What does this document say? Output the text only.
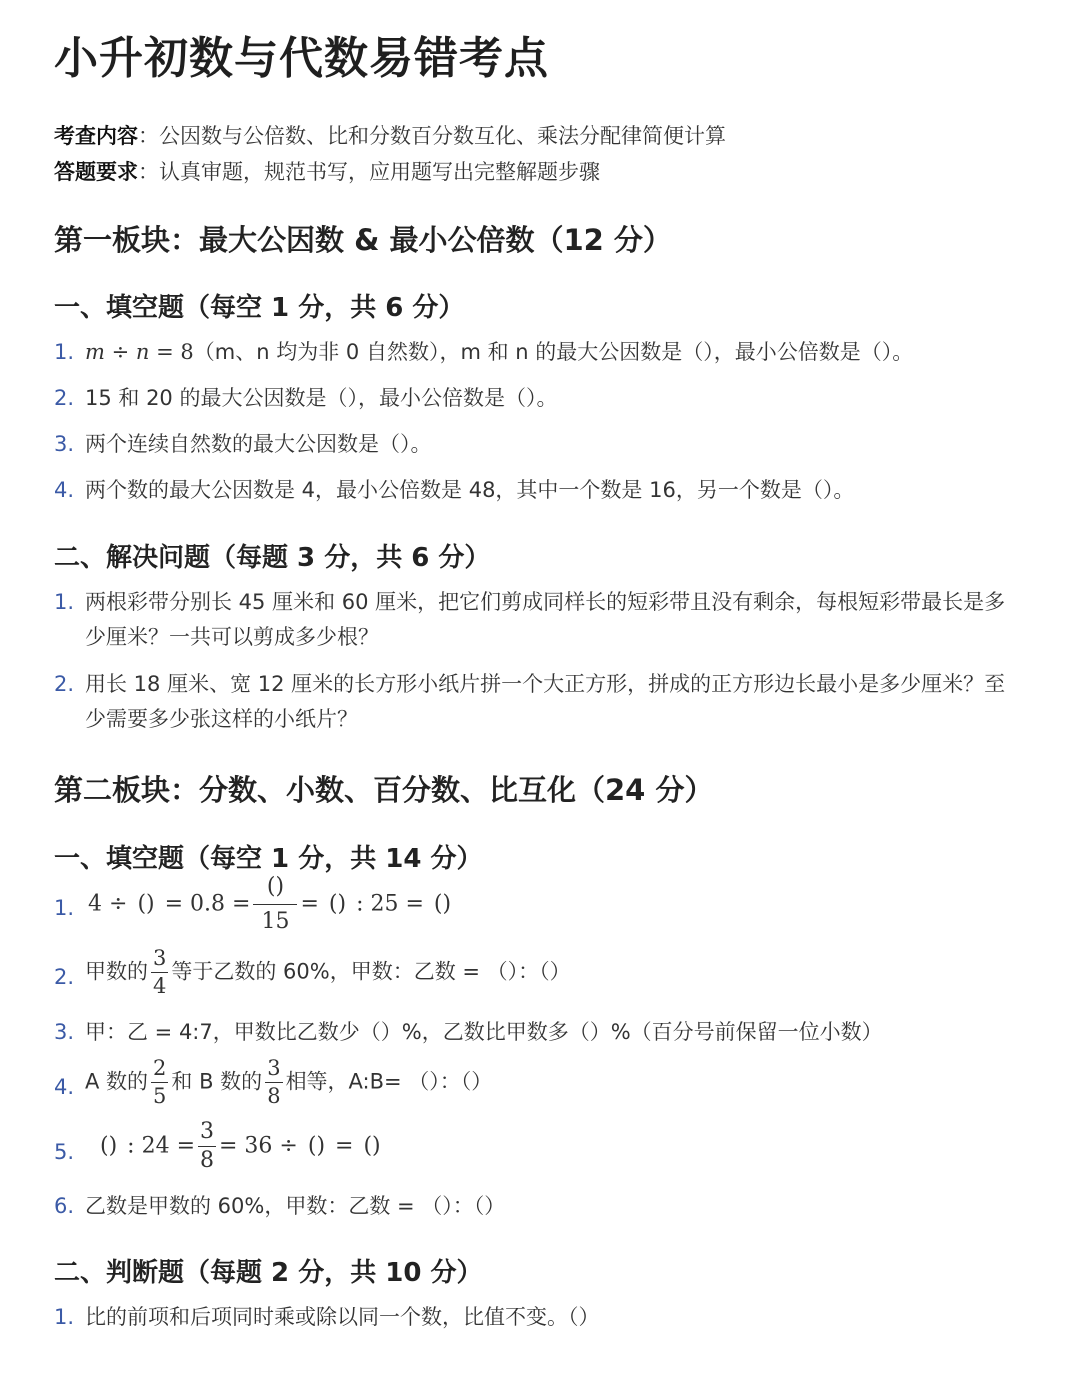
小升初数与代数易错考点
考查内容：公因数与公倍数、比和分数百分数互化、乘法分配律简便计算
答题要求：认真审题，规范书写，应用题写出完整解题步骤
第一板块：最大公因数 & 最小公倍数（12 分）
一、填空题（每空 1 分，共 6 分）
1. m ÷ n = 8（m、n 均为非 0 自然数），m 和 n 的最大公因数是（），最小公倍数是（）。
2. 15 和 20 的最大公因数是（），最小公倍数是（）。
3. 两个连续自然数的最大公因数是（）。
4. 两个数的最大公因数是 4，最小公倍数是 48，其中一个数是 16，另一个数是（）。
二、解决问题（每题 3 分，共 6 分）
1. 两根彩带分别长 45 厘米和 60 厘米，把它们剪成同样长的短彩带且没有剩余，每根短彩带最长是多
少厘米？一共可以剪成多少根？
2. 用长 18 厘米、宽 12 厘米的长方形小纸片拼一个大正方形，拼成的正方形边长最小是多少厘米？至
少需要多少张这样的小纸片？
第二板块：分数、小数、百分数、比互化（24 分）
一、填空题（每空 1 分，共 14 分）
1. 4 ÷ () = $0.8 = \frac{()}{15}$ = () : 25 = ()
2. 甲数的 $\frac{3}{4}$ 等于乙数的 60%，甲数：乙数 = （）：（）
3. 甲：乙 = 4:7，甲数比乙数少（）%，乙数比甲数多（）%（百分号前保留一位小数）
4. A 数的 $\frac{2}{5}$ 和 B 数的 $\frac{3}{8}$ 相等，A:B= （）：（）
5. () : $24 = \frac{3}{8} = 36$ ÷ () = ()
6. 乙数是甲数的 60%，甲数：乙数 = （）：（）
二、判断题（每题 2 分，共 10 分）
1. 比的前项和后项同时乘或除以同一个数，比值不变。（）
